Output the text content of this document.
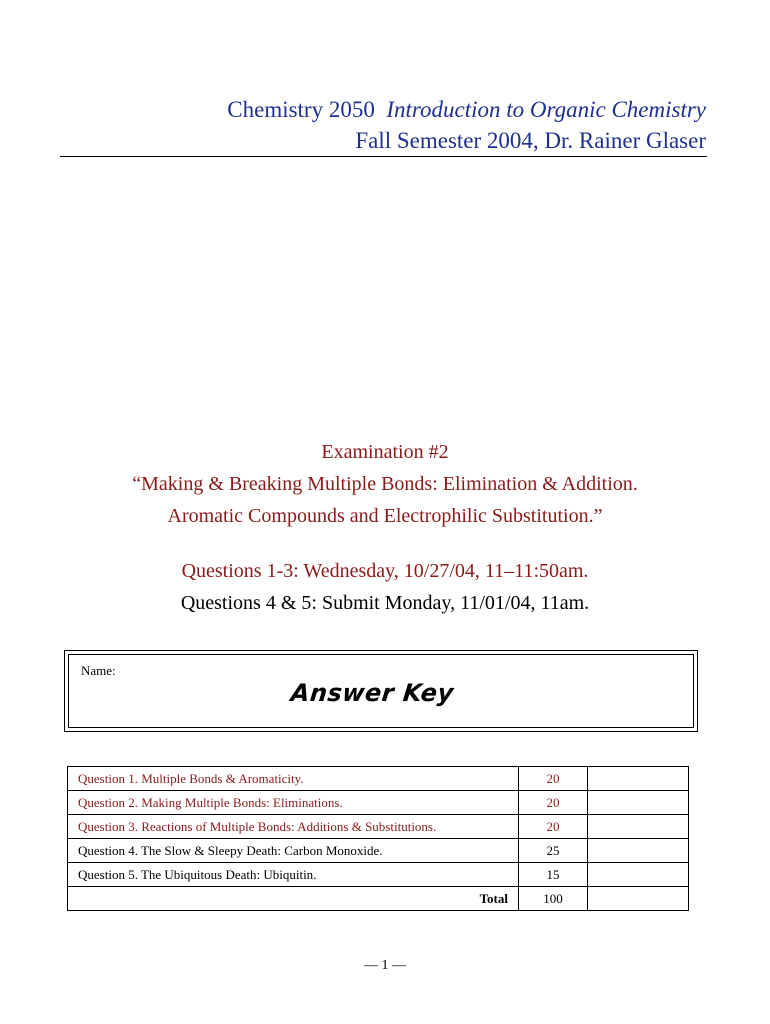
Chemistry 2050 Introduction to Organic Chemistry
Fall Semester 2004, Dr. Rainer Glaser
Examination #2
“Making & Breaking Multiple Bonds: Elimination & Addition.
Aromatic Compounds and Electrophilic Substitution.”
Questions 1-3: Wednesday, 10/27/04, 11–11:50am.
Questions 4 & 5: Submit Monday, 11/01/04, 11am.
Name:
Answer Key
Question 1. Multiple Bonds & Aromaticity.	20	
Question 2. Making Multiple Bonds: Eliminations.	20	
Question 3. Reactions of Multiple Bonds: Additions & Substitutions.	20	
Question 4. The Slow & Sleepy Death: Carbon Monoxide.	25	
Question 5. The Ubiquitous Death: Ubiquitin.	15	
Total	100	
— 1 —
